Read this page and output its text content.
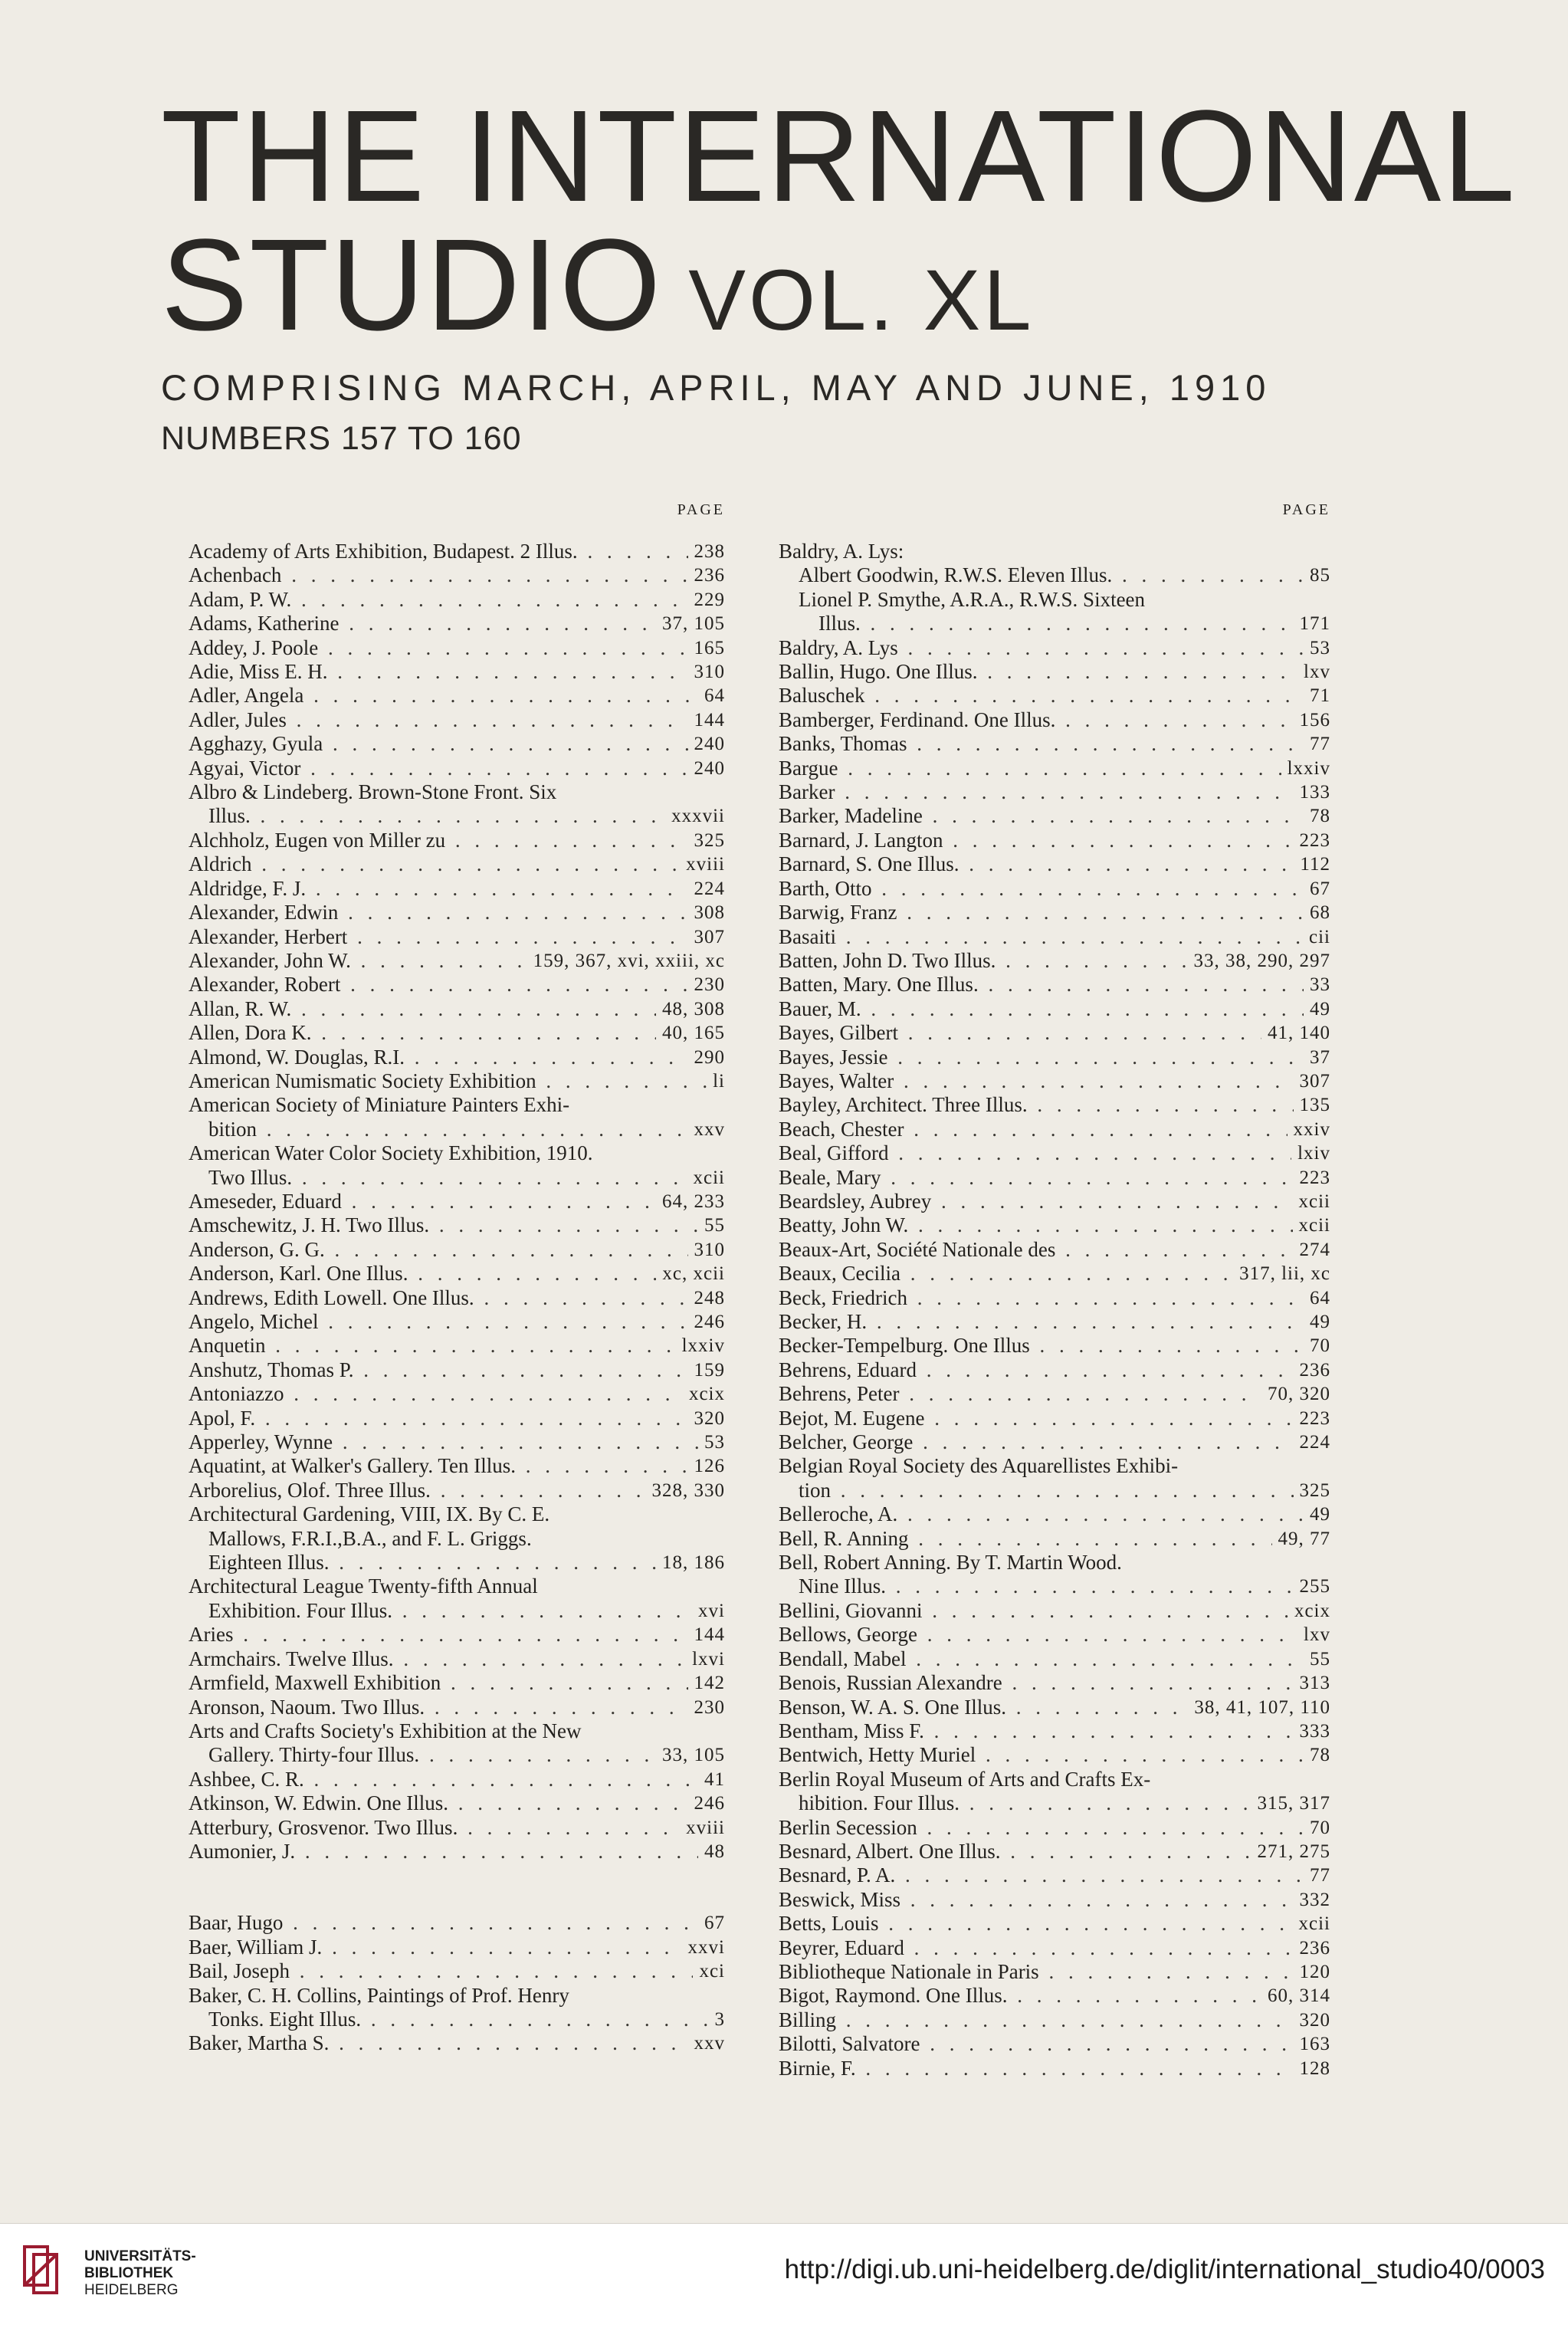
THE INTERNATIONAL
STUDIO VOL. XL
COMPRISING MARCH, APRIL, MAY AND JUNE, 1910
NUMBERS 157 TO 160
PAGE
Academy of Arts Exhibition, Budapest. 2 Illus. . . .	238
Achenbach . . .	236
Adam, P. W. . . .	229
Adams, Katherine . . .	37, 105
Addey, J. Poole . . .	165
Adie, Miss E. H. . . .	310
Adler, Angela . . .	64
Adler, Jules . . .	144
Agghazy, Gyula . . .	240
Agyai, Victor . . .	240
Albro & Lindeberg. Brown-Stone Front. Six
Illus. . . .	xxxvii
Alchholz, Eugen von Miller zu . . .	325
Aldrich . . .	xviii
Aldridge, F. J. . . .	224
Alexander, Edwin . . .	308
Alexander, Herbert . . .	307
Alexander, John W. . . .	159, 367, xvi, xxiii, xc
Alexander, Robert . . .	230
Allan, R. W. . . .	48, 308
Allen, Dora K. . . .	40, 165
Almond, W. Douglas, R.I. . . .	290
American Numismatic Society Exhibition . . .	li
American Society of Miniature Painters Exhi-
bition . . .	xxv
American Water Color Society Exhibition, 1910.
Two Illus. . . .	xcii
Ameseder, Eduard . . .	64, 233
Amschewitz, J. H. Two Illus. . . .	55
Anderson, G. G. . . .	310
Anderson, Karl. One Illus. . . .	xc, xcii
Andrews, Edith Lowell. One Illus. . . .	248
Angelo, Michel . . .	246
Anquetin . . .	lxxiv
Anshutz, Thomas P. . . .	159
Antoniazzo . . .	xcix
Apol, F. . . .	320
Apperley, Wynne . . .	53
Aquatint, at Walker's Gallery. Ten Illus. . . .	126
Arborelius, Olof. Three Illus. . . .	328, 330
Architectural Gardening, VIII, IX. By C. E.
Mallows, F.R.I.,B.A., and F. L. Griggs.
Eighteen Illus. . . .	18, 186
Architectural League Twenty-fifth Annual
Exhibition. Four Illus. . . .	xvi
Aries . . .	144
Armchairs. Twelve Illus. . . .	lxvi
Armfield, Maxwell Exhibition . . .	142
Aronson, Naoum. Two Illus. . . .	230
Arts and Crafts Society's Exhibition at the New
Gallery. Thirty-four Illus. . . .	33, 105
Ashbee, C. R. . . .	41
Atkinson, W. Edwin. One Illus. . . .	246
Atterbury, Grosvenor. Two Illus. . . .	xviii
Aumonier, J. . . .	48
Baar, Hugo . . .	67
Baer, William J. . . .	xxvi
Bail, Joseph . . .	xci
Baker, C. H. Collins, Paintings of Prof. Henry
Tonks. Eight Illus. . . .	3
Baker, Martha S. . . .	xxv
PAGE
Baldry, A. Lys:
Albert Goodwin, R.W.S. Eleven Illus. . . .	85
Lionel P. Smythe, A.R.A., R.W.S. Sixteen
Illus. . . .	171
Baldry, A. Lys . . .	53
Ballin, Hugo. One Illus. . . .	lxv
Baluschek . . .	71
Bamberger, Ferdinand. One Illus. . . .	156
Banks, Thomas . . .	77
Bargue . . .	lxxiv
Barker . . .	133
Barker, Madeline . . .	78
Barnard, J. Langton . . .	223
Barnard, S. One Illus. . . .	112
Barth, Otto . . .	67
Barwig, Franz . . .	68
Basaiti . . .	cii
Batten, John D. Two Illus. . . .	33, 38, 290, 297
Batten, Mary. One Illus. . . .	33
Bauer, M. . . .	49
Bayes, Gilbert . . .	41, 140
Bayes, Jessie . . .	37
Bayes, Walter . . .	307
Bayley, Architect. Three Illus. . . .	135
Beach, Chester . . .	xxiv
Beal, Gifford . . .	lxiv
Beale, Mary . . .	223
Beardsley, Aubrey . . .	xcii
Beatty, John W. . . .	xcii
Beaux-Art, Société Nationale des . . .	274
Beaux, Cecilia . . .	317, lii, xc
Beck, Friedrich . . .	64
Becker, H. . . .	49
Becker-Tempelburg. One Illus . . .	70
Behrens, Eduard . . .	236
Behrens, Peter . . .	70, 320
Bejot, M. Eugene . . .	223
Belcher, George . . .	224
Belgian Royal Society des Aquarellistes Exhibi-
tion . . .	325
Belleroche, A. . . .	49
Bell, R. Anning . . .	49, 77
Bell, Robert Anning. By T. Martin Wood.
Nine Illus. . . .	255
Bellini, Giovanni . . .	xcix
Bellows, George . . .	lxv
Bendall, Mabel . . .	55
Benois, Russian Alexandre . . .	313
Benson, W. A. S. One Illus. . . .	38, 41, 107, 110
Bentham, Miss F. . . .	333
Bentwich, Hetty Muriel . . .	78
Berlin Royal Museum of Arts and Crafts Ex-
hibition. Four Illus. . . .	315, 317
Berlin Secession . . .	70
Besnard, Albert. One Illus. . . .	271, 275
Besnard, P. A. . . .	77
Beswick, Miss . . .	332
Betts, Louis . . .	xcii
Beyrer, Eduard . . .	236
Bibliotheque Nationale in Paris . . .	120
Bigot, Raymond. One Illus. . . .	60, 314
Billing . . .	320
Bilotti, Salvatore . . .	163
Birnie, F. . . .	128
UNIVERSITÄTS-
BIBLIOTHEK
HEIDELBERG
http://digi.ub.uni-heidelberg.de/diglit/international_studio40/0003
